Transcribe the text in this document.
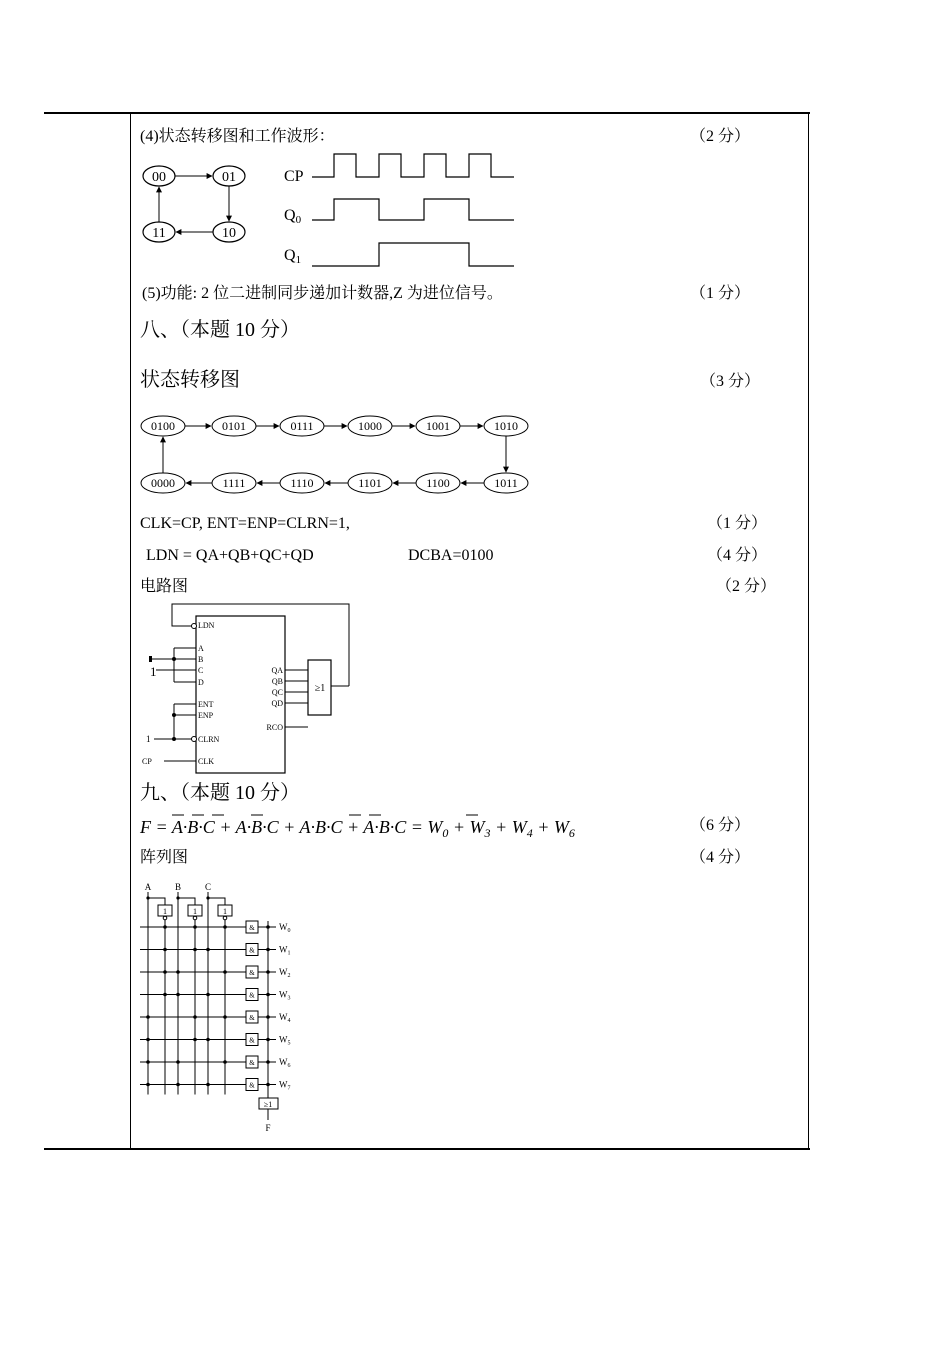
(4)状态转移图和工作波形：	（2 分）
00	01
10
11
CP
Q0
Q1
(5)功能: 2 位二进制同步递加计数器,Z 为进位信号。	（1 分）
八、（本题 10 分）
状态转移图	（3 分）
0100	0101	0111	1000	1001	1010
0000	1111	1110	1101	1100	1011
CLK=CP, ENT=ENP=CLRN=1,	（1 分）
LDN = QA+QB+QC+QD	DCBA=0100	（4 分）
电路图	（2 分）
LDN
A
B
C
D
1
ENT
ENP
1	CLRN
CP	CLK
QA
QB
QC
QD
≥1
RCO
九、（本题 10 分）
$F = A\cdot B\cdot C + A\cdot B\cdot C + A\cdot B\cdot C + A\cdot B\cdot C = W_0 + W_3 + W_4 + W_6$	（6 分）
阵列图	（4 分）
A	B	C
1	1	1
&
&
&
&
&
&
&
&
$W_0$
$W_1$
$W_2$
$W_3$
$W_4$
$W_5$
$W_6$
$W_7$
≥1
F
